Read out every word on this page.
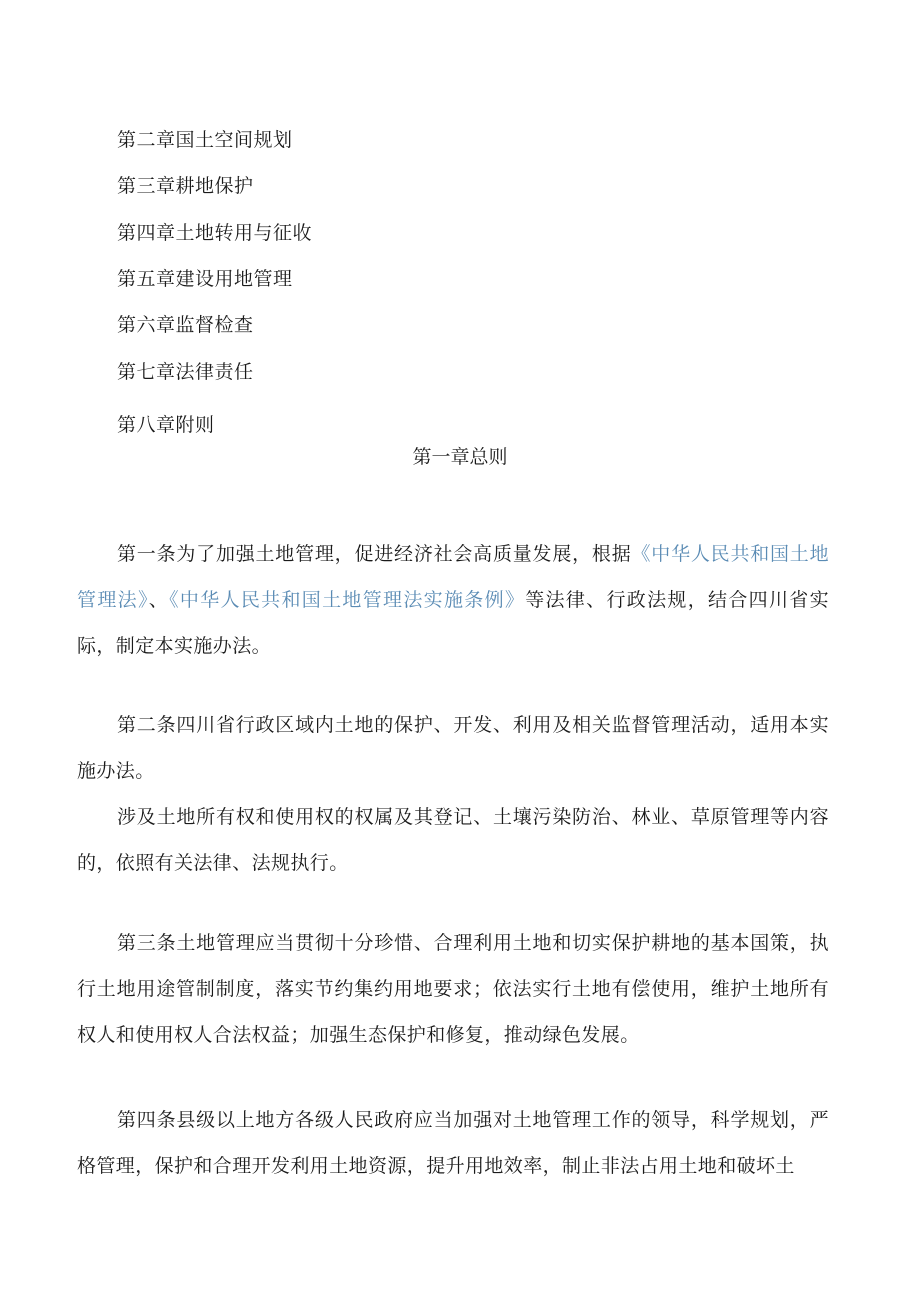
第二章国土空间规划
第三章耕地保护
第四章土地转用与征收
第五章建设用地管理
第六章监督检查
第七章法律责任
第八章附则
第一章总则

第一条为了加强土地管理，促进经济社会高质量发展，根据《中华人民共和国土地管理法》、《中华人民共和国土地管理法实施条例》等法律、行政法规，结合四川省实际，制定本实施办法。

第二条四川省行政区域内土地的保护、开发、利用及相关监督管理活动，适用本实施办法。

涉及土地所有权和使用权的权属及其登记、土壤污染防治、林业、草原管理等内容的，依照有关法律、法规执行。

第三条土地管理应当贯彻十分珍惜、合理利用土地和切实保护耕地的基本国策，执行土地用途管制制度，落实节约集约用地要求；依法实行土地有偿使用，维护土地所有权人和使用权人合法权益；加强生态保护和修复，推动绿色发展。

第四条县级以上地方各级人民政府应当加强对土地管理工作的领导，科学规划，严格管理，保护和合理开发利用土地资源，提升用地效率，制止非法占用土地和破坏土
